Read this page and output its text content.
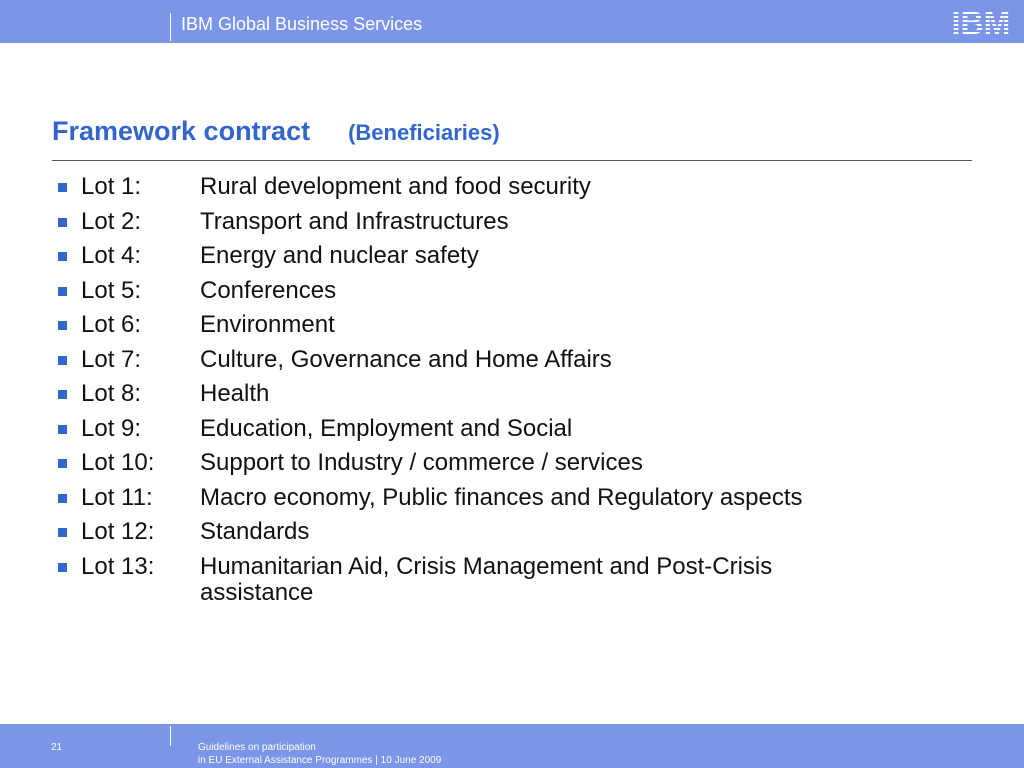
IBM Global Business Services
Framework contract (Beneficiaries)
Lot 1:	Rural development and food security
Lot 2:	Transport and Infrastructures
Lot 4:	Energy and nuclear safety
Lot 5:	Conferences
Lot 6:	Environment
Lot 7:	Culture, Governance and Home Affairs
Lot 8:	Health
Lot 9:	Education, Employment and Social
Lot 10:	Support to Industry / commerce / services
Lot 11:	Macro economy, Public finances and Regulatory aspects
Lot 12:	Standards
Lot 13:	Humanitarian Aid, Crisis Management and Post-Crisis assistance
21	Guidelines on participation
in EU External Assistance Programmes | 10 June 2009
